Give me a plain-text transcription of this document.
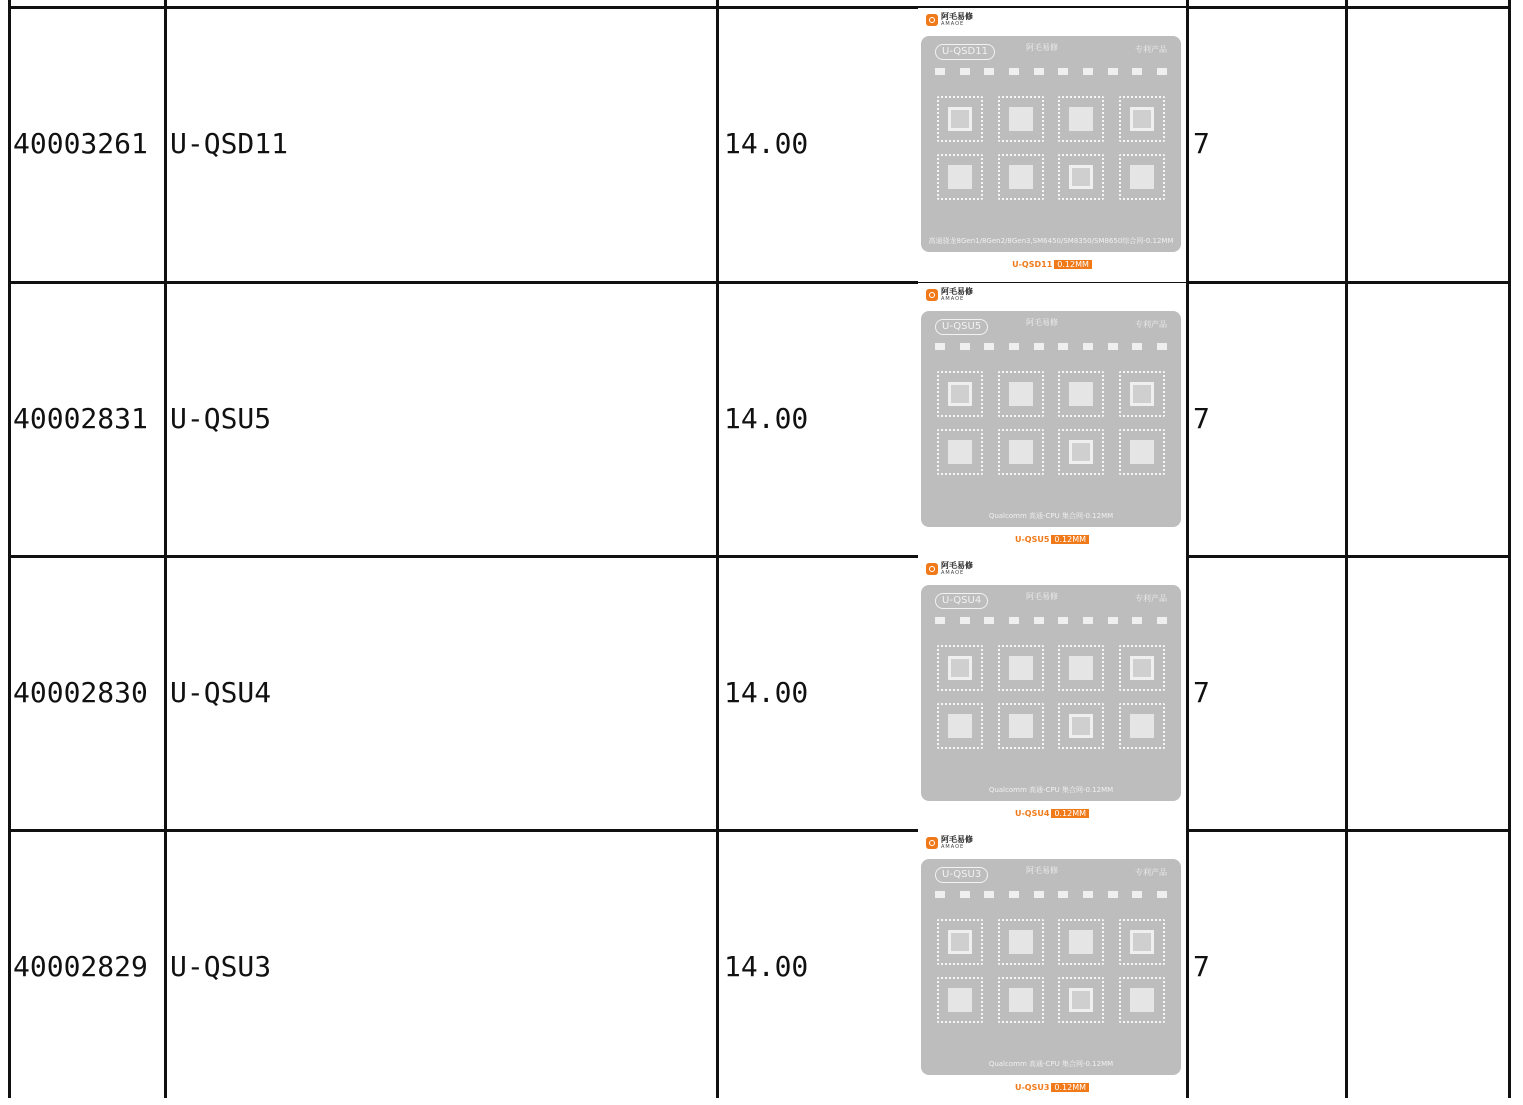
40003261 U-QSD11	14.00	7
阿毛易修
AMAOE
U-QSD11	阿毛易修	专利产品
高通骁龙8Gen1/8Gen2/8Gen3,SM6450/SM8350/SM8650综合网-0.12MM
U-QSD11 0.12MM
40002831 U-QSU5	14.00	7
阿毛易修
AMAOE
U-QSU5	阿毛易修	专利产品
Qualcomm 高通-CPU 集合网-0.12MM
U-QSU5 0.12MM
40002830 U-QSU4	14.00	7
阿毛易修
AMAOE
U-QSU4	阿毛易修	专利产品
Qualcomm 高通-CPU 集合网-0.12MM
U-QSU4 0.12MM
40002829 U-QSU3	14.00	7
阿毛易修
AMAOE
U-QSU3	阿毛易修	专利产品
Qualcomm 高通-CPU 集合网-0.12MM
U-QSU3 0.12MM
